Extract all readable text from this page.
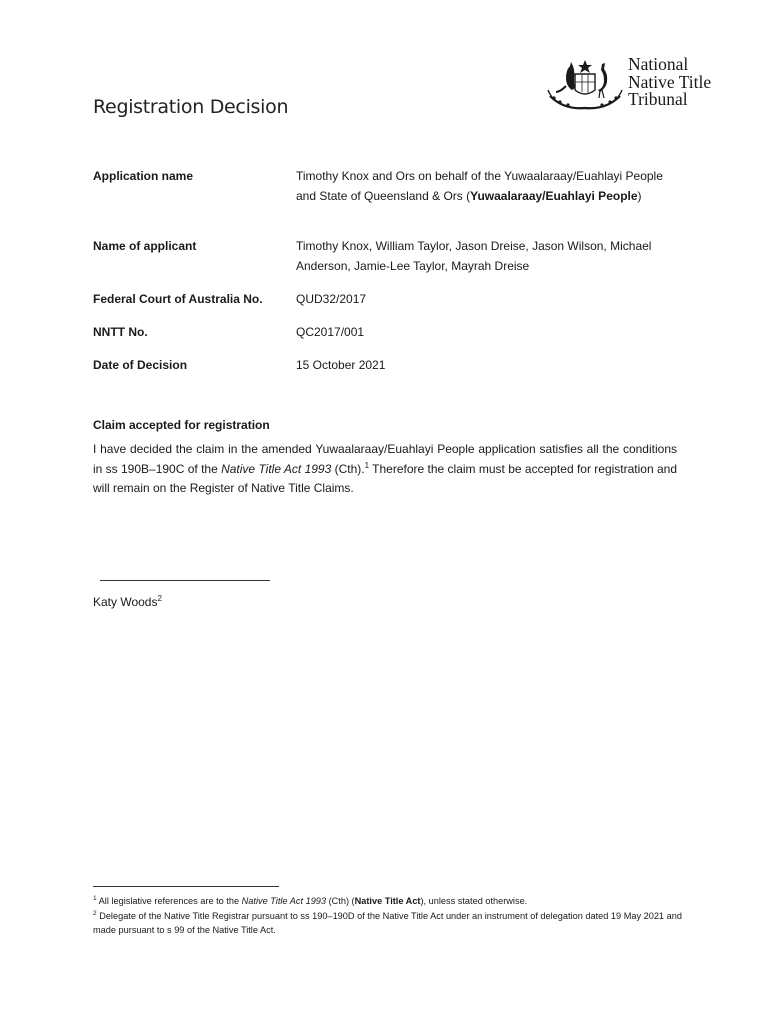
National
Native Title
Tribunal
Registration Decision
Application name	Timothy Knox and Ors on behalf of the Yuwaalaraay/Euahlayi People and State of Queensland & Ors (Yuwaalaraay/Euahlayi People)
Name of applicant	Timothy Knox, William Taylor, Jason Dreise, Jason Wilson, Michael Anderson, Jamie-Lee Taylor, Mayrah Dreise
Federal Court of Australia No.	QUD32/2017
NNTT No.	QC2017/001
Date of Decision	15 October 2021
Claim accepted for registration
I have decided the claim in the amended Yuwaalaraay/Euahlayi People application satisfies all the conditions in ss 190B–190C of the Native Title Act 1993 (Cth).$^1$ Therefore the claim must be accepted for registration and will remain on the Register of Native Title Claims.
Katy Woods$^2$

$^1$ All legislative references are to the Native Title Act 1993 (Cth) (Native Title Act), unless stated otherwise.

$^2$ Delegate of the Native Title Registrar pursuant to ss 190–190D of the Native Title Act under an instrument of delegation dated 19 May 2021 and made pursuant to s 99 of the Native Title Act.
